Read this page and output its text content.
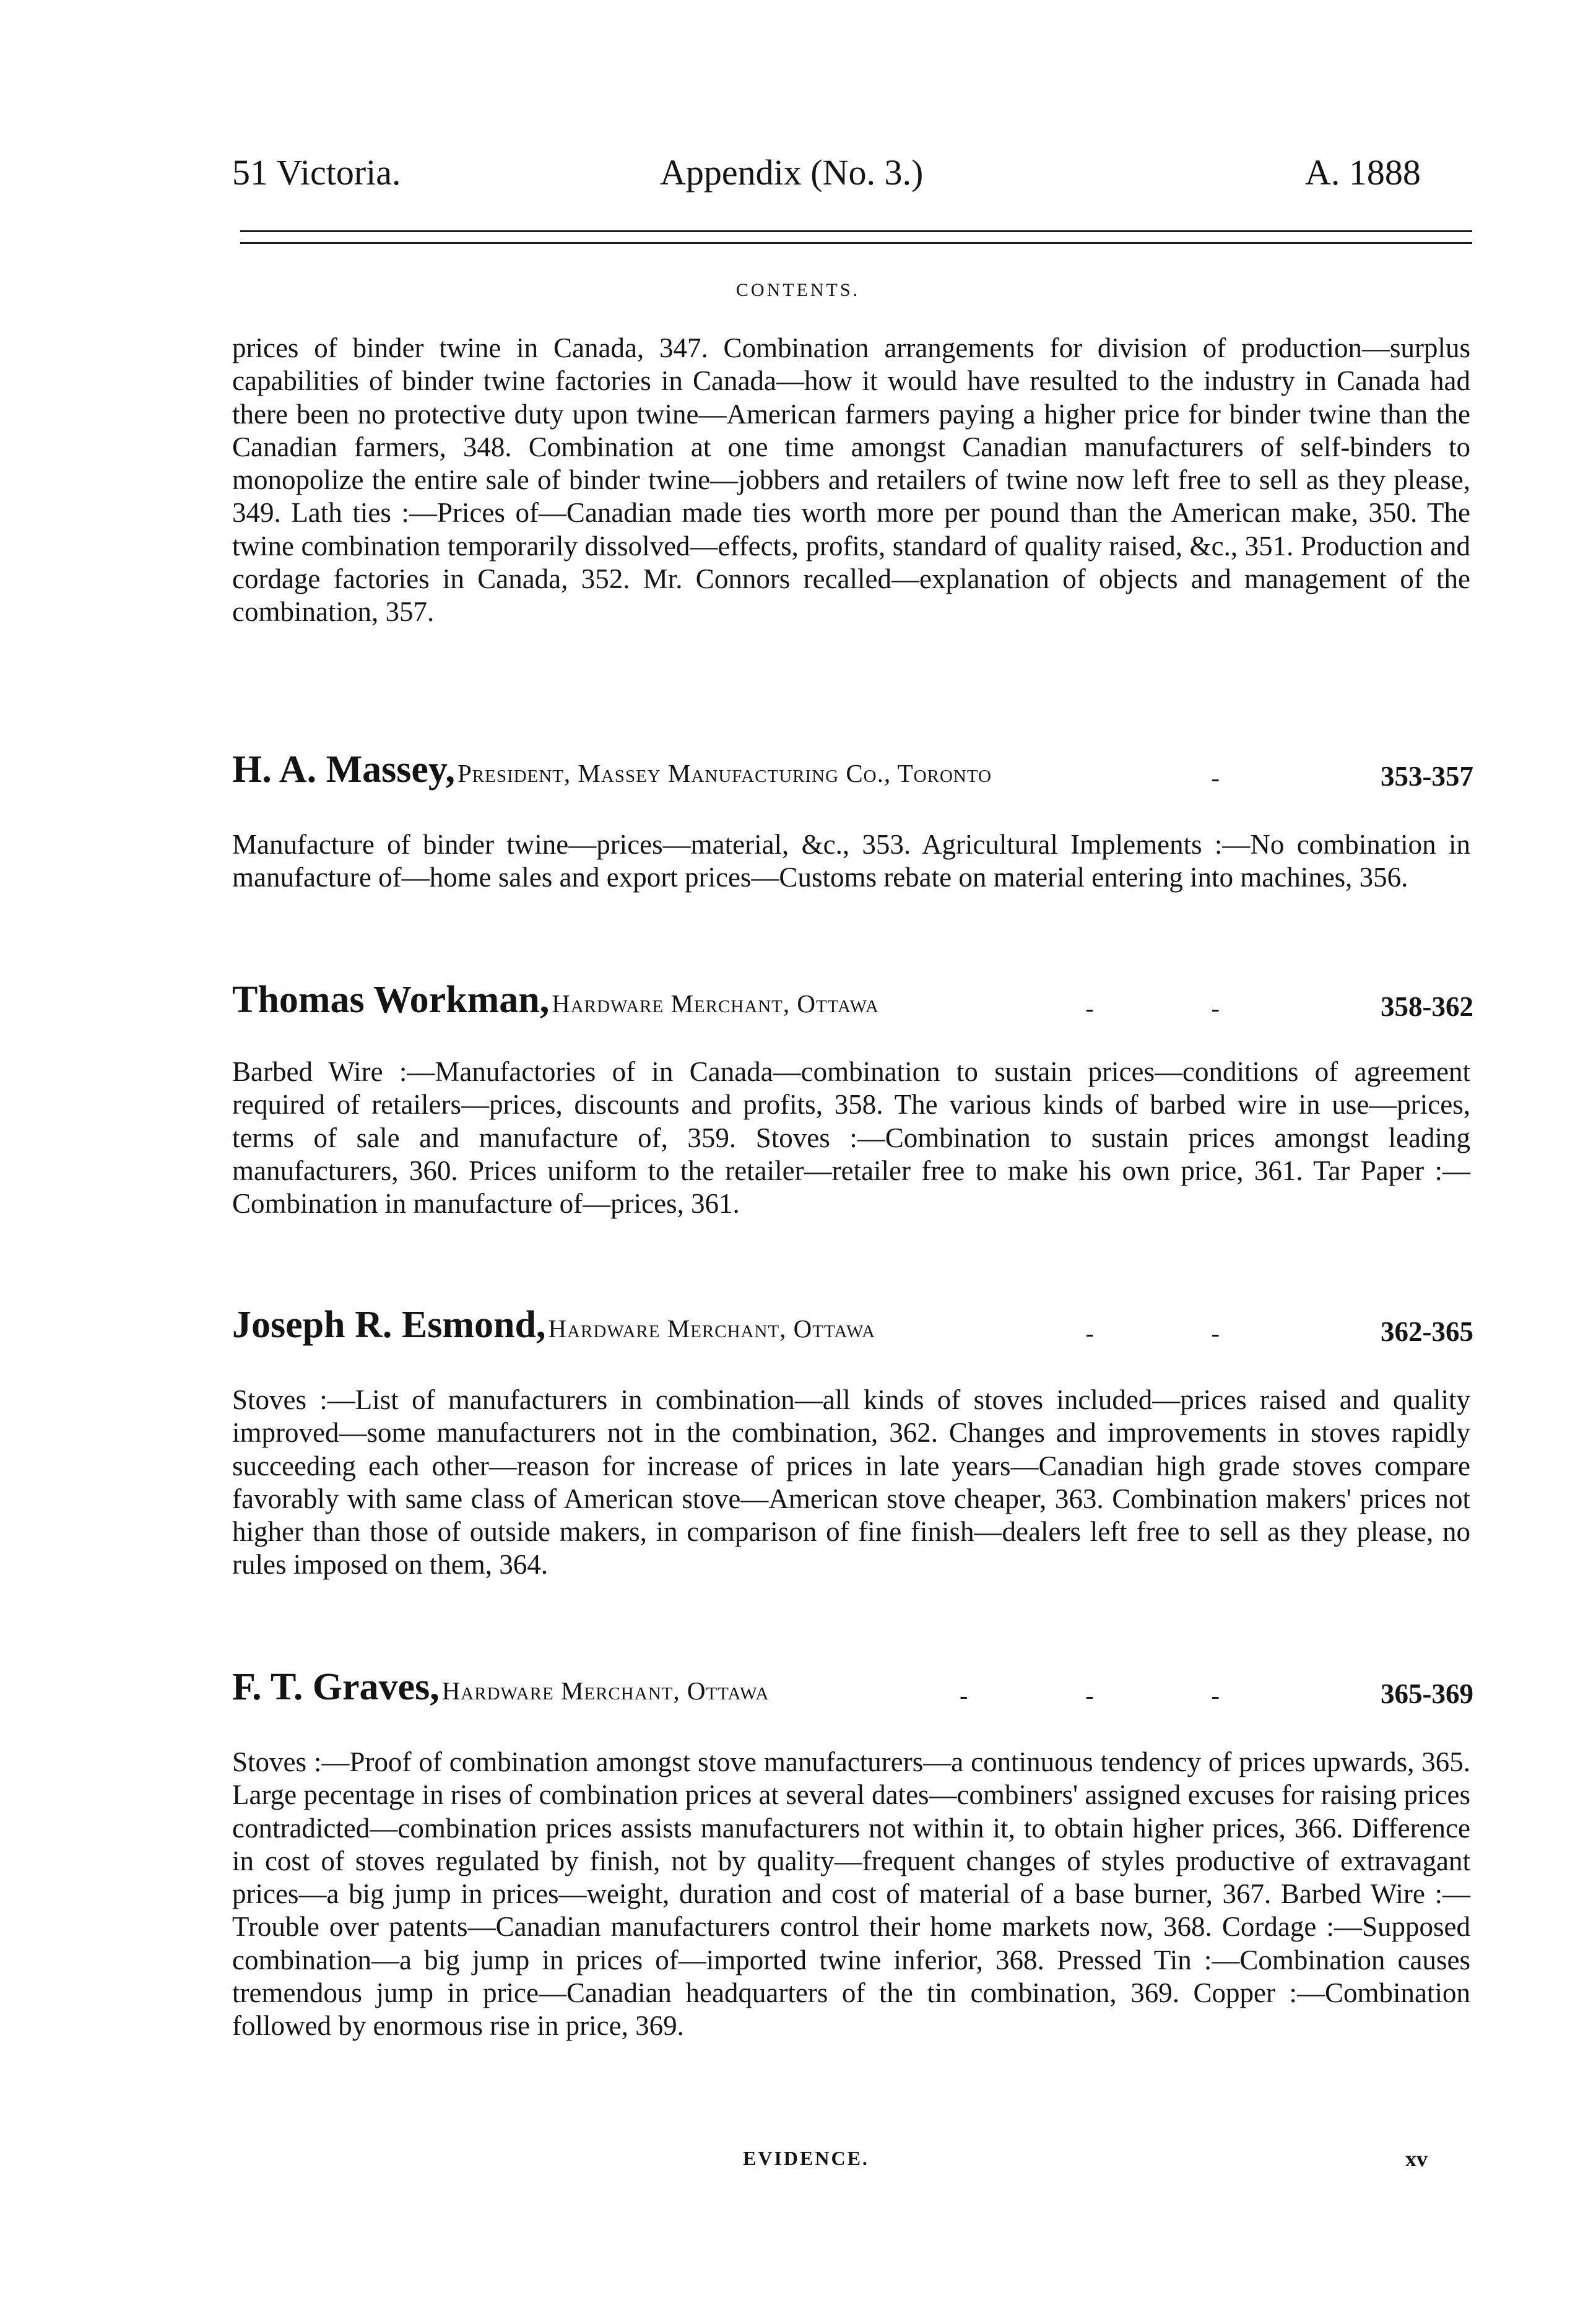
51 Victoria.	Appendix (No. 3.)	A. 1888
CONTENTS.

prices of binder twine in Canada, 347. Combination arrangements for division of production—surplus capabilities of binder twine factories in Canada—how it would have resulted to the industry in Canada had there been no protective duty upon twine—American farmers paying a higher price for binder twine than the Canadian farmers, 348. Combination at one time amongst Canadian manufacturers of self-binders to monopolize the entire sale of binder twine—jobbers and retailers of twine now left free to sell as they please, 349. Lath ties :—Prices of—Canadian made ties worth more per pound than the American make, 350. The twine combination temporarily dissolved—effects, profits, standard of quality raised, &c., 351. Production and cordage factories in Canada, 352. Mr. Connors recalled—explanation of objects and management of the combination, 357.

H. A. Massey, President, Massey Manufacturing Co., Toronto	-	353-357

Manufacture of binder twine—prices—material, &c., 353. Agricultural Implements :—No combination in manufacture of—home sales and export prices—Customs rebate on material entering into machines, 356.

Thomas Workman, Hardware Merchant, Ottawa	- -	358-362

Barbed Wire :—Manufactories of in Canada—combination to sustain prices—conditions of agreement required of retailers—prices, discounts and profits, 358. The various kinds of barbed wire in use—prices, terms of sale and manufacture of, 359. Stoves :—Combination to sustain prices amongst leading manufacturers, 360. Prices uniform to the retailer—retailer free to make his own price, 361. Tar Paper :—Combination in manufacture of—prices, 361.

Joseph R. Esmond, Hardware Merchant, Ottawa	- -	362-365

Stoves :—List of manufacturers in combination—all kinds of stoves included—prices raised and quality improved—some manufacturers not in the combination, 362. Changes and improvements in stoves rapidly succeeding each other—reason for increase of prices in late years—Canadian high grade stoves compare favorably with same class of American stove—American stove cheaper, 363. Combination makers' prices not higher than those of outside makers, in comparison of fine finish—dealers left free to sell as they please, no rules imposed on them, 364.

F. T. Graves, Hardware Merchant, Ottawa	- - -	365-369

Stoves :—Proof of combination amongst stove manufacturers—a continuous tendency of prices upwards, 365. Large pecentage in rises of combination prices at several dates—combiners' assigned excuses for raising prices contradicted—combination prices assists manufacturers not within it, to obtain higher prices, 366. Difference in cost of stoves regulated by finish, not by quality—frequent changes of styles productive of extravagant prices—a big jump in prices—weight, duration and cost of material of a base burner, 367. Barbed Wire :—Trouble over patents—Canadian manufacturers control their home markets now, 368. Cordage :—Supposed combination—a big jump in prices of—imported twine inferior, 368. Pressed Tin :—Combination causes tremendous jump in price—Canadian headquarters of the tin combination, 369. Copper :—Combination followed by enormous rise in price, 369.

EVIDENCE.	xv
